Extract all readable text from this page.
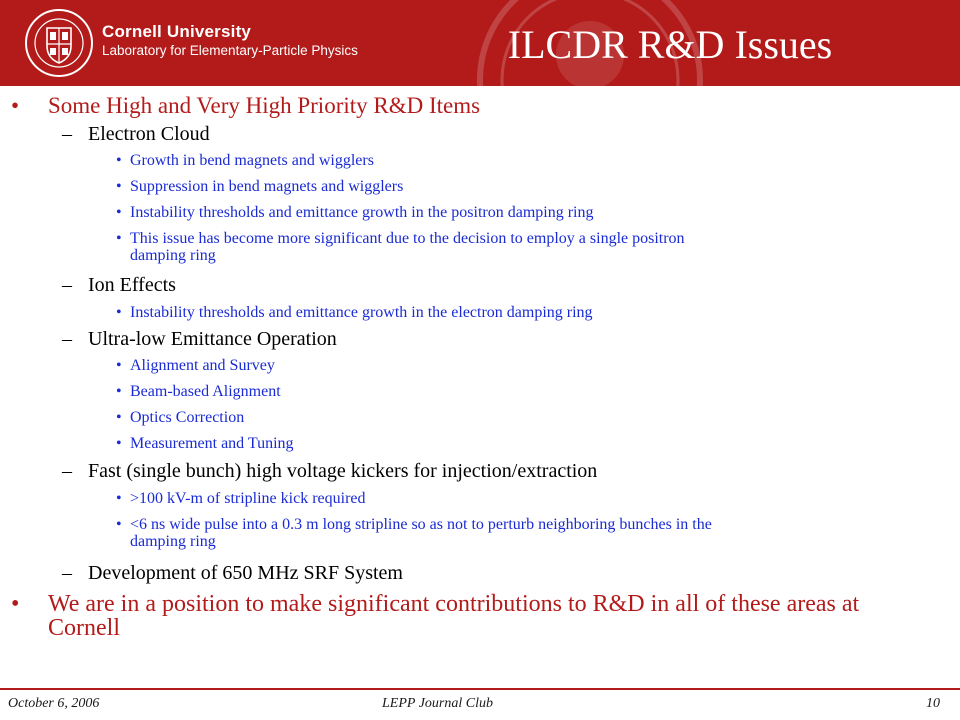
Cornell University
Laboratory for Elementary-Particle Physics	ILCDR R&D Issues
• Some High and Very High Priority R&D Items
– Electron Cloud
• Growth in bend magnets and wigglers
• Suppression in bend magnets and wigglers
• Instability thresholds and emittance growth in the positron damping ring
• This issue has become more significant due to the decision to employ a single positron
damping ring
– Ion Effects
• Instability thresholds and emittance growth in the electron damping ring
– Ultra-low Emittance Operation
• Alignment and Survey
• Beam-based Alignment
• Optics Correction
• Measurement and Tuning
– Fast (single bunch) high voltage kickers for injection/extraction
• >100 kV-m of stripline kick required
• <6 ns wide pulse into a 0.3 m long stripline so as not to perturb neighboring bunches in the
damping ring
– Development of 650 MHz SRF System
• We are in a position to make significant contributions to R&D in all of these areas at
Cornell
October 6, 2006	LEPP Journal Club	10
